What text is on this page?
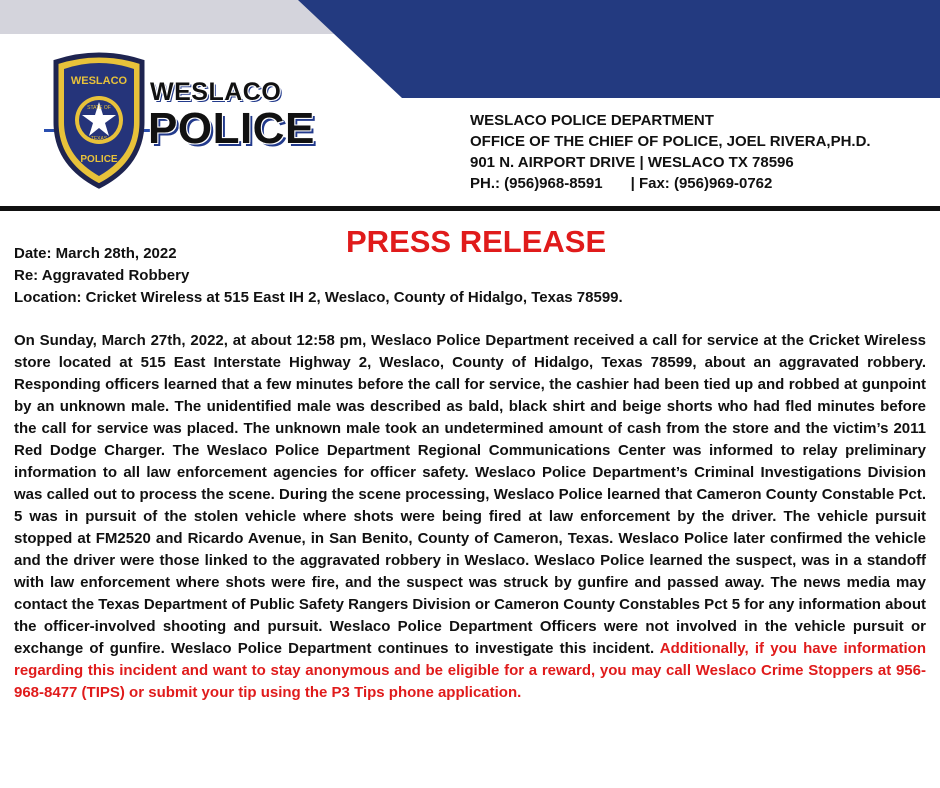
WESLACO
POLICE
STATE OF
TEXAS
WESLACO
POLICE	WESLACO POLICE DEPARTMENT
OFFICE OF THE CHIEF OF POLICE, JOEL RIVERA,PH.D.
901 N. AIRPORT DRIVE | WESLACO TX 78596
PH.: (956)968-8591 | Fax: (956)969-0762
PRESS RELEASE
Date: March 28th, 2022
Re: Aggravated Robbery
Location: Cricket Wireless at 515 East IH 2, Weslaco, County of Hidalgo, Texas 78599.
On Sunday, March 27th, 2022, at about 12:58 pm, Weslaco Police Department received a call for service at the Cricket Wireless store located at 515 East Interstate Highway 2, Weslaco, County of Hidalgo, Texas 78599, about an aggravated robbery. Responding officers learned that a few minutes before the call for service, the cashier had been tied up and robbed at gunpoint by an unknown male. The unidentified male was described as bald, black shirt and beige shorts who had fled minutes before the call for service was placed. The unknown male took an undetermined amount of cash from the store and the victim’s 2011 Red Dodge Charger. The Weslaco Police Department Regional Communications Center was informed to relay preliminary information to all law enforcement agencies for officer safety. Weslaco Police Department’s Criminal Investigations Division was called out to process the scene. During the scene processing, Weslaco Police learned that Cameron County Constable Pct. 5 was in pursuit of the stolen vehicle where shots were being fired at law enforcement by the driver. The vehicle pursuit stopped at FM2520 and Ricardo Avenue, in San Benito, County of Cameron, Texas. Weslaco Police later confirmed the vehicle and the driver were those linked to the aggravated robbery in Weslaco. Weslaco Police learned the suspect, was in a standoff with law enforcement where shots were fire, and the suspect was struck by gunfire and passed away. The news media may contact the Texas Department of Public Safety Rangers Division or Cameron County Constables Pct 5 for any information about the officer-involved shooting and pursuit. Weslaco Police Department Officers were not involved in the vehicle pursuit or exchange of gunfire. Weslaco Police Department continues to investigate this incident. Additionally, if you have information regarding this incident and want to stay anonymous and be eligible for a reward, you may call Weslaco Crime Stoppers at 956-968-8477 (TIPS) or submit your tip using the P3 Tips phone application.
